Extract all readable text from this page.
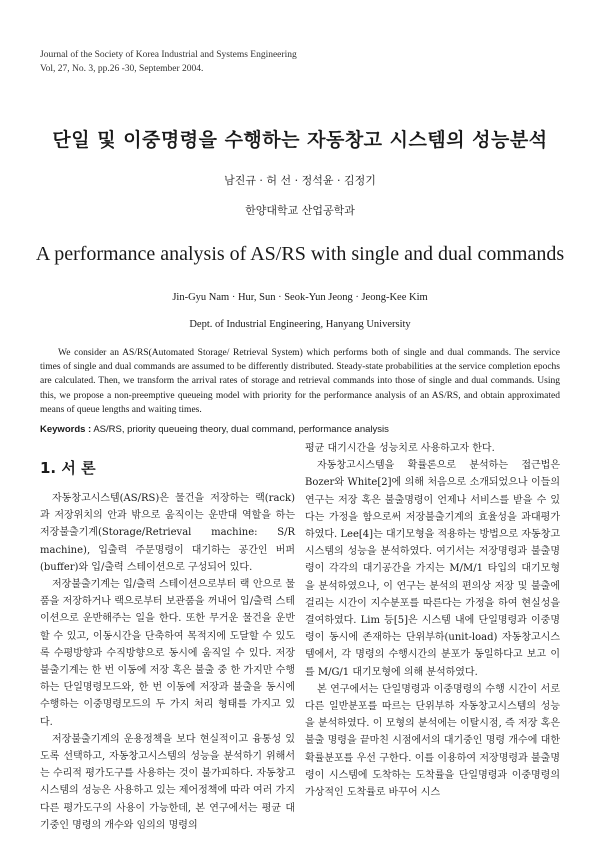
Journal of the Society of Korea Industrial and Systems Engineering
Vol, 27, No. 3, pp.26 -30, September 2004.
단일 및 이중명령을 수행하는 자동창고 시스템의 성능분석
남진규 · 허 선 · 정석윤 · 김정기
한양대학교 산업공학과
A performance analysis of AS/RS with single and dual commands
Jin-Gyu Nam · Hur, Sun · Seok-Yun Jeong · Jeong-Kee Kim
Dept. of Industrial Engineering, Hanyang University
We consider an AS/RS(Automated Storage/ Retrieval System) which performs both of single and dual commands. The service times of single and dual commands are assumed to be differently distributed. Steady-state probabilities at the service completion epochs are calculated. Then, we transform the arrival rates of storage and retrieval commands into those of single and dual commands. Using this, we propose a non-preemptive queueing model with priority for the performance analysis of an AS/RS, and obtain approximated means of queue lengths and waiting times.
Keywords : AS/RS, priority queueing theory, dual command, performance analysis
1. 서 론

자동창고시스템(AS/RS)은 물건을 저장하는 랙(rack)과 저장위치의 안과 밖으로 움직이는 운반대 역할을 하는 저장불출기계(Storage/Retrieval machine: S/R machine), 입출력 주문명령이 대기하는 공간인 버퍼(buffer)와 입/출력 스테이션으로 구성되어 있다.

저장불출기계는 입/출력 스테이션으로부터 랙 안으로 물품을 저장하거나 랙으로부터 보관품을 꺼내어 입/출력 스테이션으로 운반해주는 일을 한다. 또한 무거운 물건을 운반할 수 있고, 이동시간을 단축하여 목적지에 도달할 수 있도록 수평방향과 수직방향으로 동시에 움직일 수 있다. 저장불출기계는 한 번 이동에 저장 혹은 불출 중 한 가지만 수행하는 단일명령모드와, 한 번 이동에 저장과 불출을 동시에 수행하는 이중명령모드의 두 가지 처리 형태를 가지고 있다.

저장불출기계의 운용정책을 보다 현실적이고 융통성 있도록 선택하고, 자동창고시스템의 성능을 분석하기 위해서는 수리적 평가도구를 사용하는 것이 불가피하다. 자동창고시스템의 성능은 사용하고 있는 제어정책에 따라 여러 가지 다른 평가도구의 사용이 가능한데, 본 연구에서는 평균 대기중인 명령의 개수와 임의의 명령의

평균 대기시간을 성능치로 사용하고자 한다.

자동창고시스템을 확률론으로 분석하는 접근법은 Bozer와 White[2]에 의해 처음으로 소개되었으나 이들의 연구는 저장 혹은 불출명령이 언제나 서비스를 받을 수 있다는 가정을 함으로써 저장불출기계의 효율성을 과대평가하였다. Lee[4]는 대기모형을 적용하는 방법으로 자동창고시스템의 성능을 분석하였다. 여기서는 저장명령과 불출명령이 각각의 대기공간을 가지는 M/M/1 타입의 대기모형을 분석하였으나, 이 연구는 분석의 편의상 저장 및 불출에 걸리는 시간이 지수분포를 따른다는 가정을 하여 현실성을 결여하였다. Lim 등[5]은 시스템 내에 단일명령과 이중명령이 동시에 존재하는 단위부하(unit-load) 자동창고시스템에서, 각 명령의 수행시간의 분포가 동일하다고 보고 이를 M/G/1 대기모형에 의해 분석하였다.

본 연구에서는 단일명령과 이중명령의 수행 시간이 서로 다른 일반분포를 따르는 단위부하 자동창고시스템의 성능을 분석하였다. 이 모형의 분석에는 이탈시점, 즉 저장 혹은 불출 명령을 끝마친 시점에서의 대기중인 명령 개수에 대한 확률분포를 우선 구한다. 이를 이용하여 저장명령과 불출명령이 시스템에 도착하는 도착률을 단일명령과 이중명령의 가상적인 도착률로 바꾸어 시스
